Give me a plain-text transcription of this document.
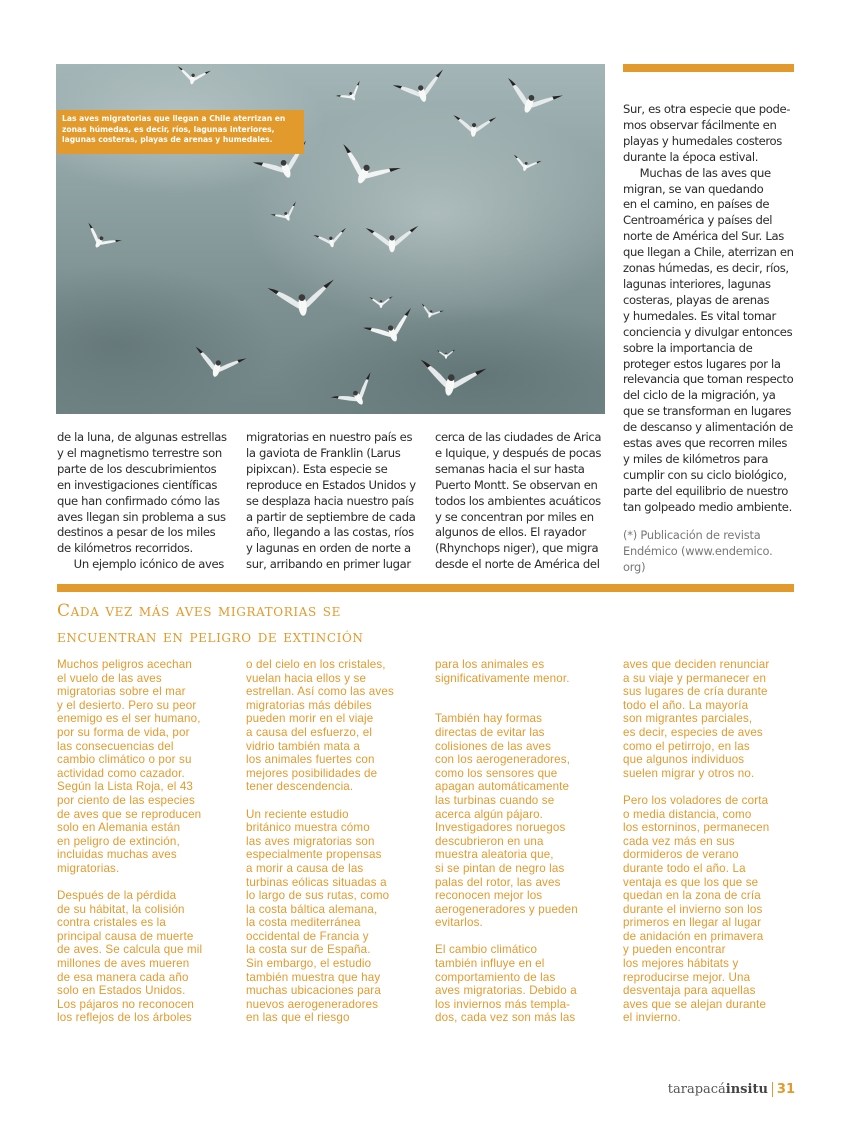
Las aves migratorias que llegan a Chile aterrizan en
zonas húmedas, es decir, ríos, lagunas interiores,
lagunas costeras, playas de arenas y humedales.
de la luna, de algunas estrellas
y el magnetismo terrestre son
parte de los descubrimientos
en investigaciones científicas
que han confirmado cómo las
aves llegan sin problema a sus
destinos a pesar de los miles
de kilómetros recorridos.
Un ejemplo icónico de aves
migratorias en nuestro país es
la gaviota de Franklin (Larus
pipixcan). Esta especie se
reproduce en Estados Unidos y
se desplaza hacia nuestro país
a partir de septiembre de cada
año, llegando a las costas, ríos
y lagunas en orden de norte a
sur, arribando en primer lugar
cerca de las ciudades de Arica
e Iquique, y después de pocas
semanas hacia el sur hasta
Puerto Montt. Se observan en
todos los ambientes acuáticos
y se concentran por miles en
algunos de ellos. El rayador
(Rhynchops niger), que migra
desde el norte de América del
Sur, es otra especie que pode-
mos observar fácilmente en
playas y humedales costeros
durante la época estival.
Muchas de las aves que
migran, se van quedando
en el camino, en países de
Centroamérica y países del
norte de América del Sur. Las
que llegan a Chile, aterrizan en
zonas húmedas, es decir, ríos,
lagunas interiores, lagunas
costeras, playas de arenas
y humedales. Es vital tomar
conciencia y divulgar entonces
sobre la importancia de
proteger estos lugares por la
relevancia que toman respecto
del ciclo de la migración, ya
que se transforman en lugares
de descanso y alimentación de
estas aves que recorren miles
y miles de kilómetros para
cumplir con su ciclo biológico,
parte del equilibrio de nuestro
tan golpeado medio ambiente.
(*) Publicación de revista
Endémico (www.endemico.
org)
Cada vez más aves migratorias se
encuentran en peligro de extinción
Muchos peligros acechan
el vuelo de las aves
migratorias sobre el mar
y el desierto. Pero su peor
enemigo es el ser humano,
por su forma de vida, por
las consecuencias del
cambio climático o por su
actividad como cazador.
Según la Lista Roja, el 43
por ciento de las especies
de aves que se reproducen
solo en Alemania están
en peligro de extinción,
incluidas muchas aves
migratorias.

Después de la pérdida
de su hábitat, la colisión
contra cristales es la
principal causa de muerte
de aves. Se calcula que mil
millones de aves mueren
de esa manera cada año
solo en Estados Unidos.
Los pájaros no reconocen
los reflejos de los árboles
o del cielo en los cristales,
vuelan hacia ellos y se
estrellan. Así como las aves
migratorias más débiles
pueden morir en el viaje
a causa del esfuerzo, el
vidrio también mata a
los animales fuertes con
mejores posibilidades de
tener descendencia.

Un reciente estudio
británico muestra cómo
las aves migratorias son
especialmente propensas
a morir a causa de las
turbinas eólicas situadas a
lo largo de sus rutas, como
la costa báltica alemana,
la costa mediterránea
occidental de Francia y
la costa sur de España.
Sin embargo, el estudio
también muestra que hay
muchas ubicaciones para
nuevos aerogeneradores
en las que el riesgo
para los animales es
significativamente menor.

También hay formas
directas de evitar las
colisiones de las aves
con los aerogeneradores,
como los sensores que
apagan automáticamente
las turbinas cuando se
acerca algún pájaro.
Investigadores noruegos
descubrieron en una
muestra aleatoria que,
si se pintan de negro las
palas del rotor, las aves
reconocen mejor los
aerogeneradores y pueden
evitarlos.

El cambio climático
también influye en el
comportamiento de las
aves migratorias. Debido a
los inviernos más templa-
dos, cada vez son más las
aves que deciden renunciar
a su viaje y permanecer en
sus lugares de cría durante
todo el año. La mayoría
son migrantes parciales,
es decir, especies de aves
como el petirrojo, en las
que algunos individuos
suelen migrar y otros no.

Pero los voladores de corta
o media distancia, como
los estorninos, permanecen
cada vez más en sus
dormideros de verano
durante todo el año. La
ventaja es que los que se
quedan en la zona de cría
durante el invierno son los
primeros en llegar al lugar
de anidación en primavera
y pueden encontrar
los mejores hábitats y
reproducirse mejor. Una
desventaja para aquellas
aves que se alejan durante
el invierno.
tarapacá insitu 31
